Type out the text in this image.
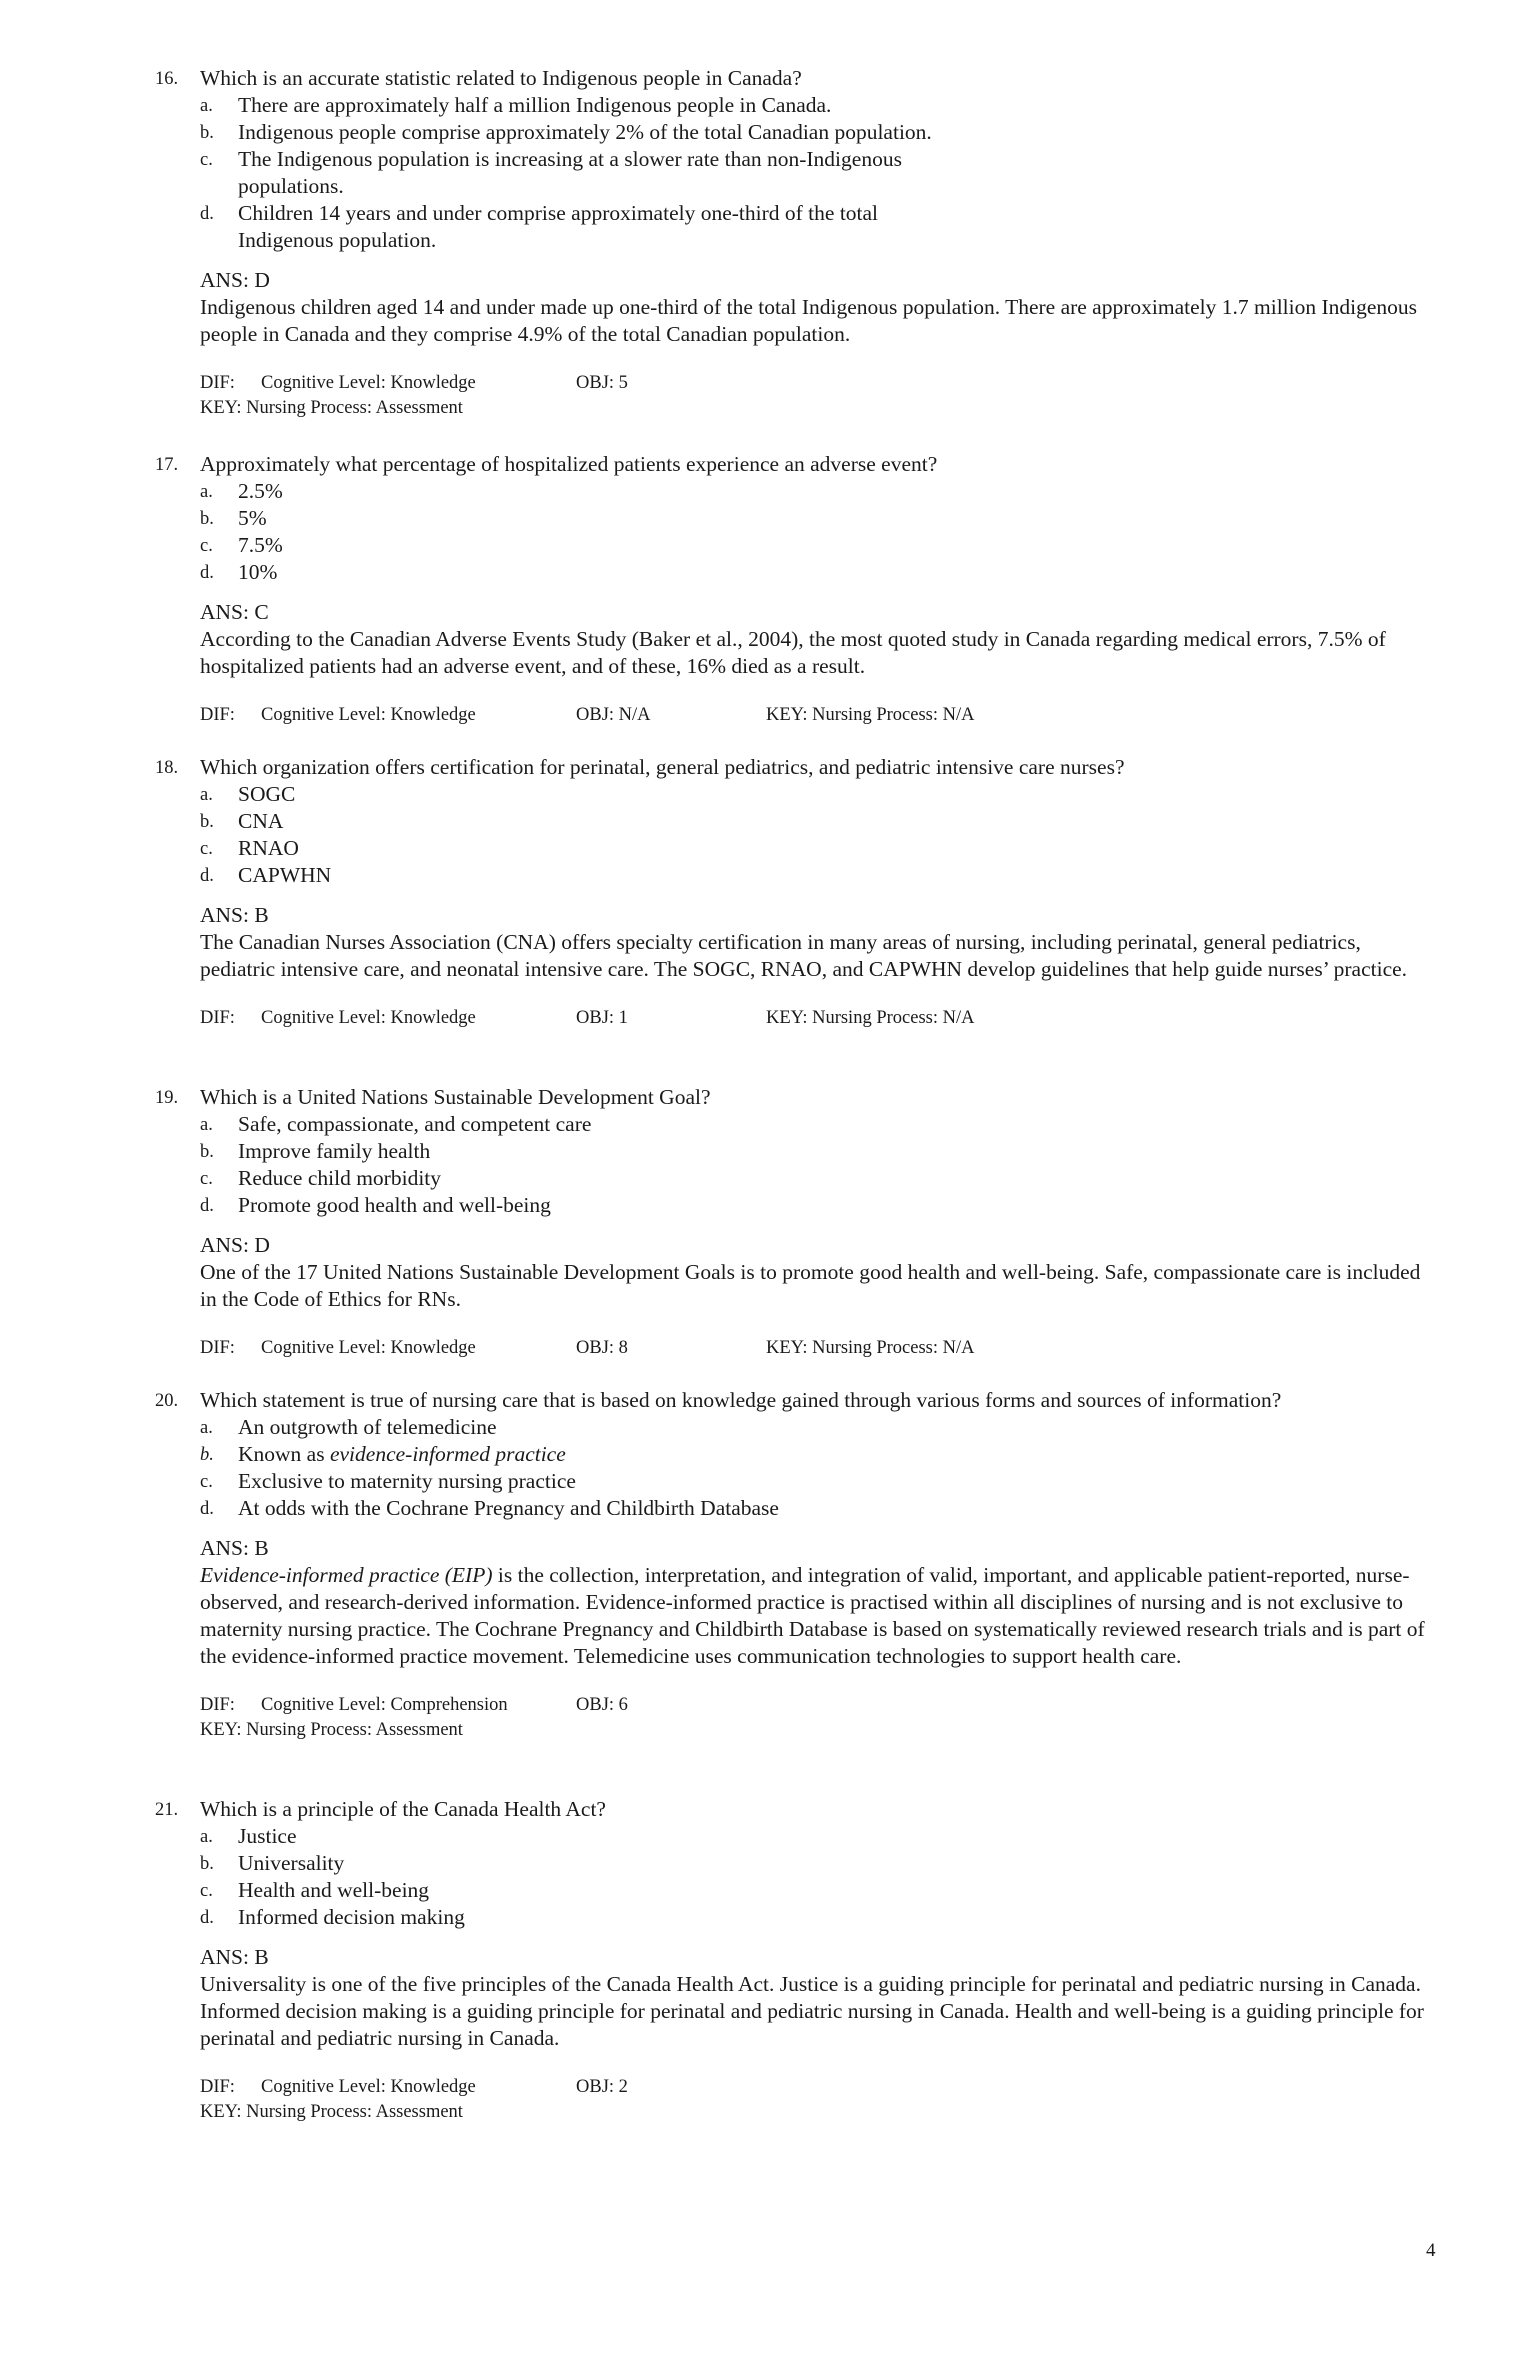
16. Which is an accurate statistic related to Indigenous people in Canada?
a. There are approximately half a million Indigenous people in Canada.
b. Indigenous people comprise approximately 2% of the total Canadian population.
c. The Indigenous population is increasing at a slower rate than non-Indigenous populations.
d. Children 14 years and under comprise approximately one-third of the total Indigenous population.
ANS: D
Indigenous children aged 14 and under made up one-third of the total Indigenous population. There are approximately 1.7 million Indigenous people in Canada and they comprise 4.9% of the total Canadian population.
DIF: Cognitive Level: Knowledge	OBJ: 5
KEY: Nursing Process: Assessment
17. Approximately what percentage of hospitalized patients experience an adverse event?
a. 2.5%
b. 5%
c. 7.5%
d. 10%
ANS: C
According to the Canadian Adverse Events Study (Baker et al., 2004), the most quoted study in Canada regarding medical errors, 7.5% of hospitalized patients had an adverse event, and of these, 16% died as a result.
DIF: Cognitive Level: Knowledge	OBJ: N/A	KEY: Nursing Process: N/A
18. Which organization offers certification for perinatal, general pediatrics, and pediatric intensive care nurses?
a. SOGC
b. CNA
c. RNAO
d. CAPWHN
ANS: B
The Canadian Nurses Association (CNA) offers specialty certification in many areas of nursing, including perinatal, general pediatrics, pediatric intensive care, and neonatal intensive care. The SOGC, RNAO, and CAPWHN develop guidelines that help guide nurses’ practice.
DIF: Cognitive Level: Knowledge	OBJ: 1	KEY: Nursing Process: N/A
19. Which is a United Nations Sustainable Development Goal?
a. Safe, compassionate, and competent care
b. Improve family health
c. Reduce child morbidity
d. Promote good health and well-being
ANS: D
One of the 17 United Nations Sustainable Development Goals is to promote good health and well-being. Safe, compassionate care is included in the Code of Ethics for RNs.
DIF: Cognitive Level: Knowledge	OBJ: 8	KEY: Nursing Process: N/A
20. Which statement is true of nursing care that is based on knowledge gained through various forms and sources of information?
a. An outgrowth of telemedicine
b. Known as evidence-informed practice
c. Exclusive to maternity nursing practice
d. At odds with the Cochrane Pregnancy and Childbirth Database
ANS: B
Evidence-informed practice (EIP) is the collection, interpretation, and integration of valid, important, and applicable patient-reported, nurse-observed, and research-derived information. Evidence-informed practice is practised within all disciplines of nursing and is not exclusive to maternity nursing practice. The Cochrane Pregnancy and Childbirth Database is based on systematically reviewed research trials and is part of the evidence-informed practice movement. Telemedicine uses communication technologies to support health care.
DIF: Cognitive Level: Comprehension	OBJ: 6
KEY: Nursing Process: Assessment
21. Which is a principle of the Canada Health Act?
a. Justice
b. Universality
c. Health and well-being
d. Informed decision making
ANS: B
Universality is one of the five principles of the Canada Health Act. Justice is a guiding principle for perinatal and pediatric nursing in Canada. Informed decision making is a guiding principle for perinatal and pediatric nursing in Canada. Health and well-being is a guiding principle for perinatal and pediatric nursing in Canada.
DIF: Cognitive Level: Knowledge	OBJ: 2
KEY: Nursing Process: Assessment
4
